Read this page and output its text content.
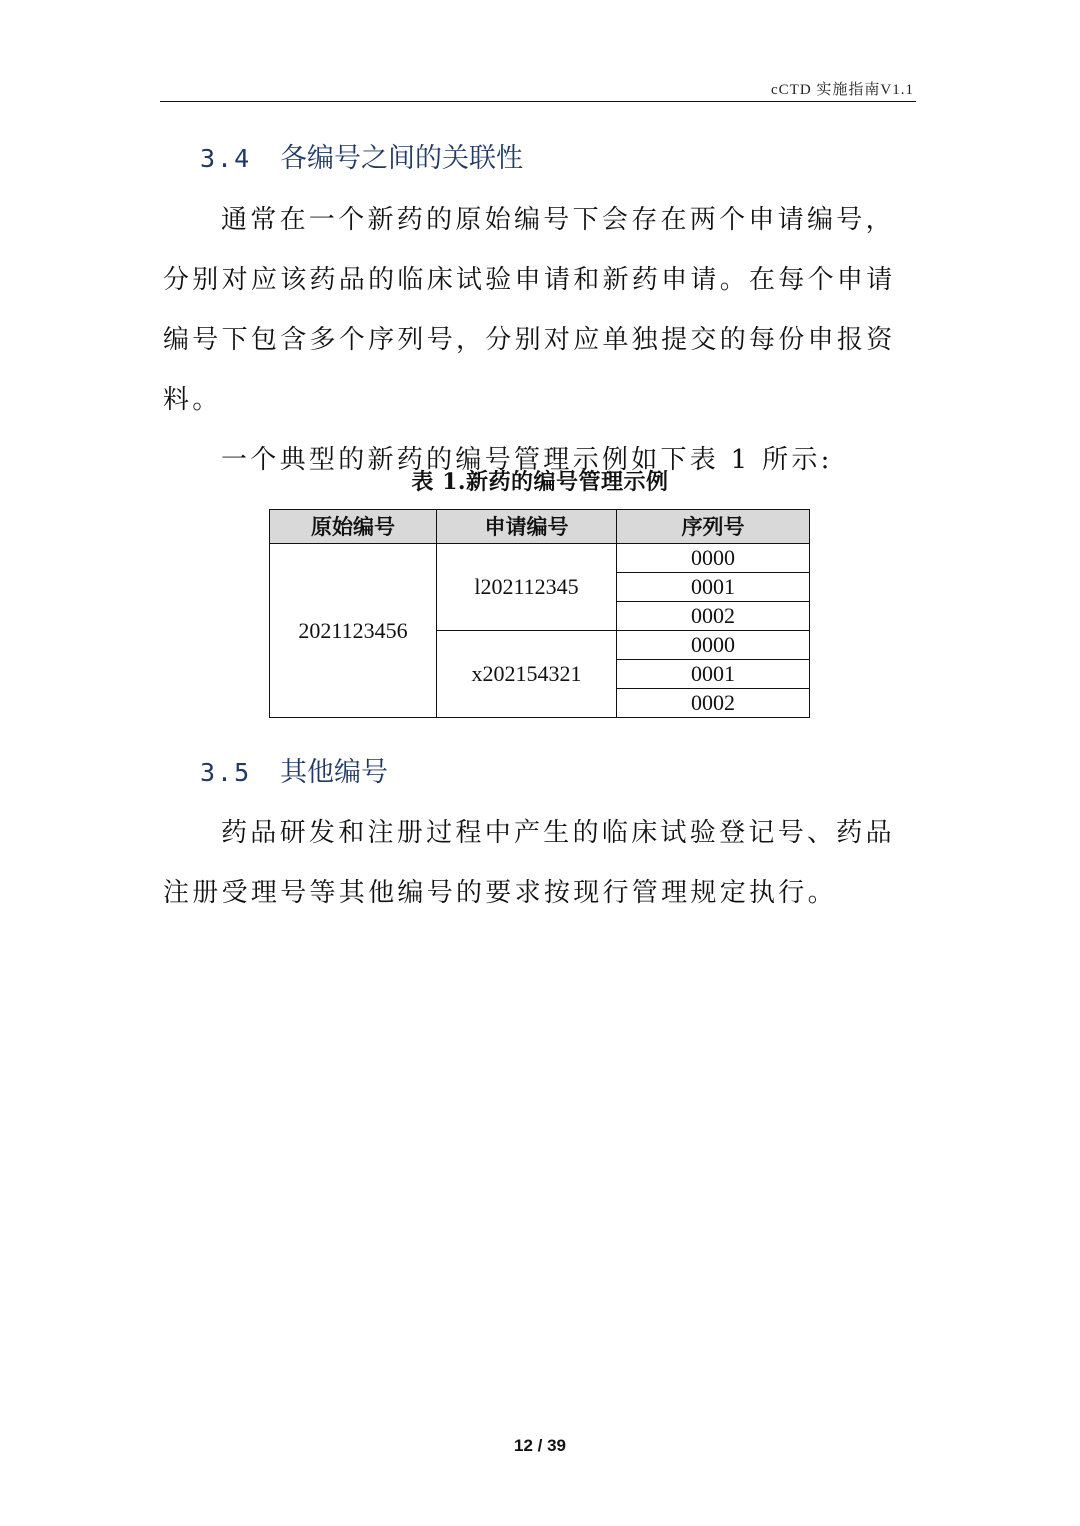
cCTD 实施指南V1.1
3.4 各编号之间的关联性

通常在一个新药的原始编号下会存在两个申请编号，分别对应该药品的临床试验申请和新药申请。在每个申请编号下包含多个序列号，分别对应单独提交的每份申报资料。

一个典型的新药的编号管理示例如下表 1 所示:

表 1.新药的编号管理示例
原始编号	申请编号	序列号
2021123456	l202112345	0000
		0001
		0002
	x202154321	0000
		0001
		0002
3.5 其他编号

药品研发和注册过程中产生的临床试验登记号、药品注册受理号等其他编号的要求按现行管理规定执行。

12 / 39
